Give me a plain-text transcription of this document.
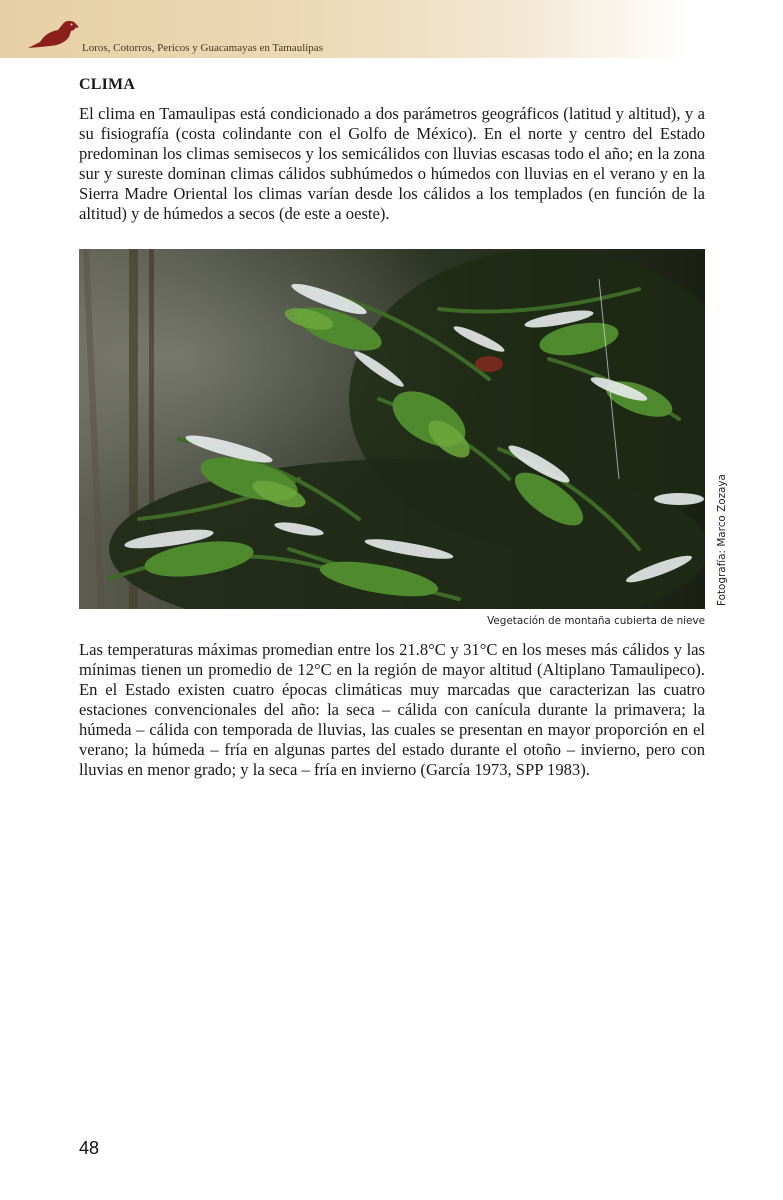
Loros, Cotorros, Pericos y Guacamayas en Tamaulipas
CLIMA

El clima en Tamaulipas está condicionado a dos parámetros geográficos (latitud y altitud), y a su fisiografía (costa colindante con el Golfo de México). En el norte y centro del Estado predominan los climas semisecos y los semicálidos con lluvias escasas todo el año; en la zona sur y sureste dominan climas cálidos subhúmedos o húmedos con lluvias en el verano y en la Sierra Madre Oriental los climas varían desde los cálidos a los templados (en función de la altitud) y de húmedos a secos (de este a oeste).

Vegetación de montaña cubierta de nieve
Fotografía: Marco Zozaya

Las temperaturas máximas promedian entre los 21.8°C y 31°C en los meses más cálidos y las mínimas tienen un promedio de 12°C en la región de mayor altitud (Altiplano Tamaulipeco). En el Estado existen cuatro épocas climáticas muy marcadas que caracterizan las cuatro estaciones convencionales del año: la seca – cálida con canícula durante la primavera; la húmeda – cálida con temporada de lluvias, las cuales se presentan en mayor proporción en el verano; la húmeda – fría en algunas partes del estado durante el otoño – invierno, pero con lluvias en menor grado; y la seca – fría en invierno (García 1973, SPP 1983).

48
